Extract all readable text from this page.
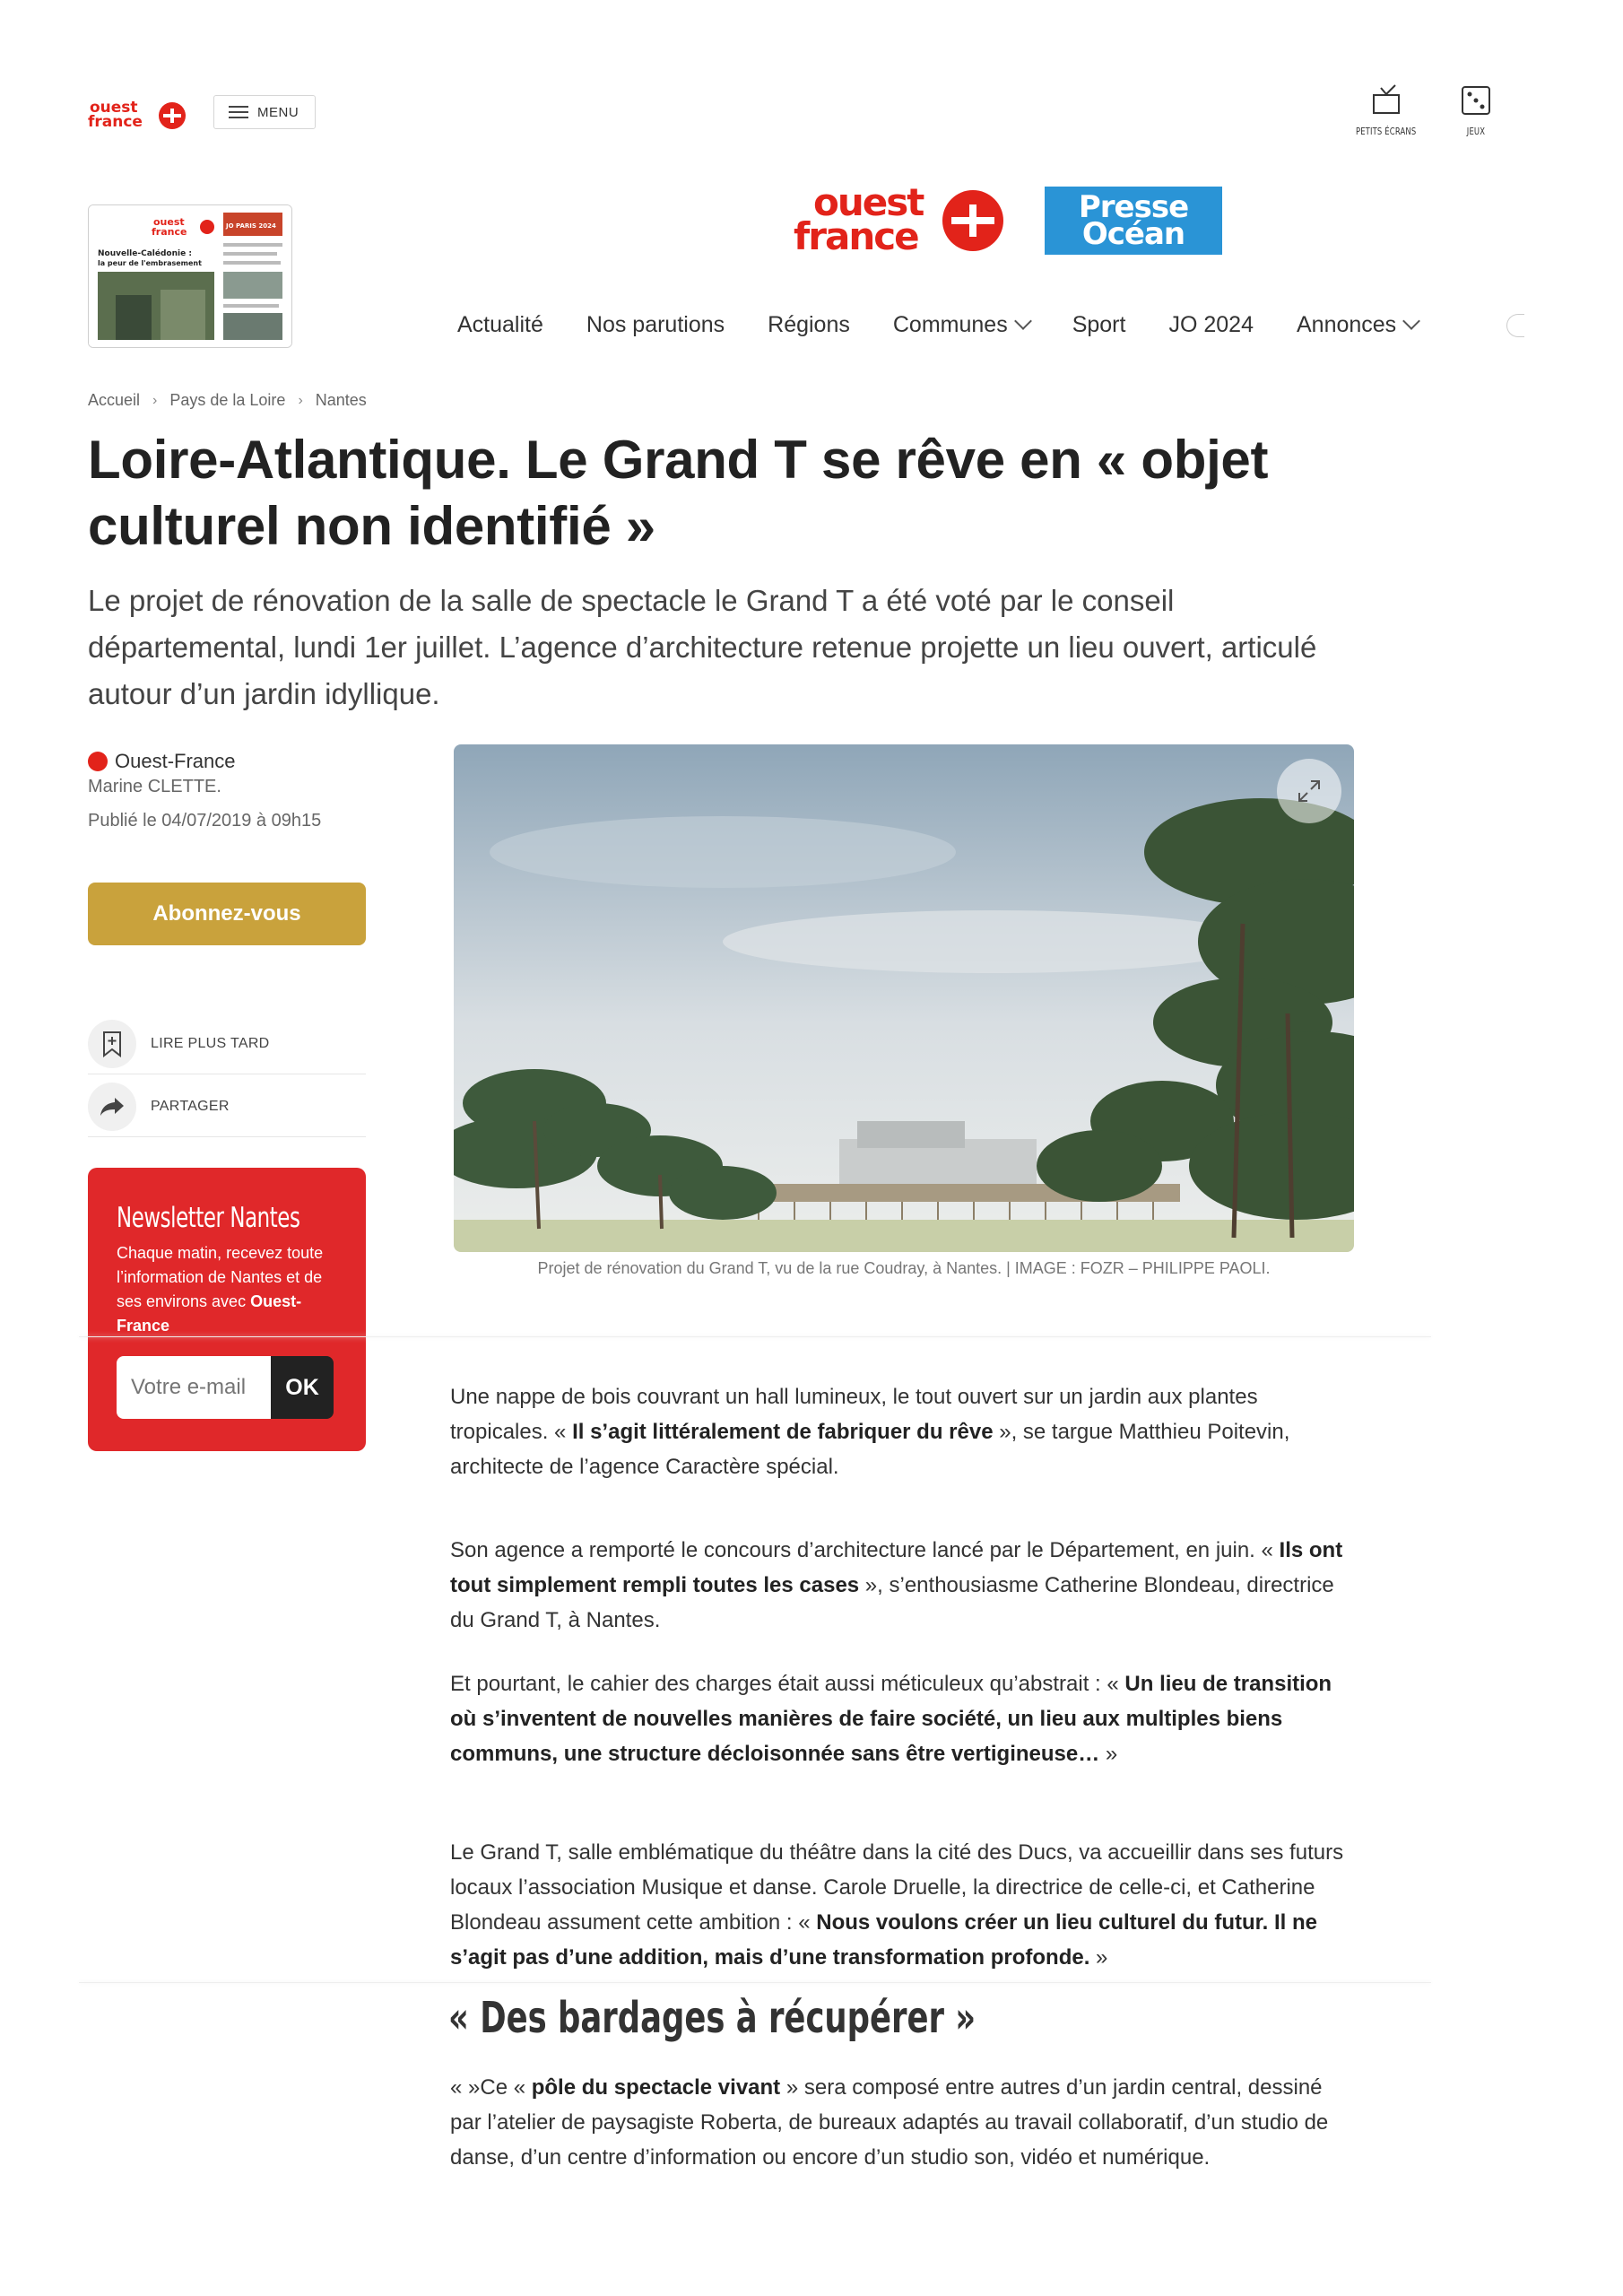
ouest
france
MENU
PETITS ÉCRANS	JEUX
ouest
france	JO PARIS 2024
Nouvelle-Calédonie :
la peur de l'embrasement
ouest
france
Presse
Océan
Actualité Nos parutions Régions Communes	Sport JO 2024 Annonces
Accueil › Pays de la Loire › Nantes
Loire-Atlantique. Le Grand T se rêve en « objet culturel non identifié »

Le projet de rénovation de la salle de spectacle le Grand T a été voté par le conseil départemental, lundi 1er juillet. L’agence d’architecture retenue projette un lieu ouvert, articulé autour d’un jardin idyllique.

Ouest-France
Marine CLETTE.
Publié le 04/07/2019 à 09h15
Abonnez-vous
LIRE PLUS TARD
PARTAGER
Newsletter Nantes
Chaque matin, recevez toute l’information de Nantes et de ses environs avec Ouest-France
Votre e-mail
OK
Projet de rénovation du Grand T, vu de la rue Coudray, à Nantes. | IMAGE : FOZR – PHILIPPE PAOLI.

Une nappe de bois couvrant un hall lumineux, le tout ouvert sur un jardin aux plantes tropicales. « Il s’agit littéralement de fabriquer du rêve », se targue Matthieu Poitevin, architecte de l’agence Caractère spécial.

Son agence a remporté le concours d’architecture lancé par le Département, en juin. « Ils ont tout simplement rempli toutes les cases », s’enthousiasme Catherine Blondeau, directrice du Grand T, à Nantes.

Et pourtant, le cahier des charges était aussi méticuleux qu’abstrait : « Un lieu de transition où s’inventent de nouvelles manières de faire société, un lieu aux multiples biens communs, une structure décloisonnée sans être vertigineuse… »

Le Grand T, salle emblématique du théâtre dans la cité des Ducs, va accueillir dans ses futurs locaux l’association Musique et danse. Carole Druelle, la directrice de celle-ci, et Catherine Blondeau assument cette ambition : « Nous voulons créer un lieu culturel du futur. Il ne s’agit pas d’une addition, mais d’une transformation profonde. »

« Des bardages à récupérer »

« »Ce « pôle du spectacle vivant » sera composé entre autres d’un jardin central, dessiné par l’atelier de paysagiste Roberta, de bureaux adaptés au travail collaboratif, d’un studio de danse, d’un centre d’information ou encore d’un studio son, vidéo et numérique.
